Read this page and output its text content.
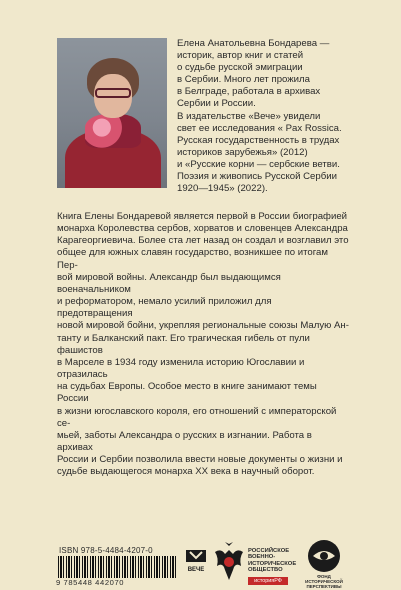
Елена Анатольевна Бондарева —
историк, автор книг и статей
о судьбе русской эмиграции
в Сербии. Много лет прожила
в Белграде, работала в архивах
Сербии и России.
В издательстве «Вече» увидели
свет ее исследования « Pax Rossica.
Русская государственность в трудах
историков зарубежья» (2012)
и «Русские корни — сербские ветви.
Поэзия и живопись Русской Сербии
1920—1945» (2022).
Книга Елены Бондаревой является первой в России биографией
монарха Королевства сербов, хорватов и словенцев Александра
Карагеоргиевича. Более ста лет назад он создал и возглавил это
общее для южных славян государство, возникшее по итогам Пер-
вой мировой войны. Александр был выдающимся военачальником
и реформатором, немало усилий приложил для предотвращения
новой мировой бойни, укрепляя региональные союзы Малую Ан-
танту и Балканский пакт. Его трагическая гибель от пули фашистов
в Марселе в 1934 году изменила историю Югославии и отразилась
на судьбах Европы. Особое место в книге занимают темы России
в жизни югославского короля, его отношений с императорской се-
мьей, заботы Александра о русских в изгнании. Работа в архивах
России и Сербии позволила ввести новые документы о жизни и
судьбе выдающегося монарха XX века в научный оборот.
ISBN 978-5-4484-4207-0
9 785448 442070
ВЕЧЕ
РОССИЙСКОЕ
ВОЕННО-
ИСТОРИЧЕСКОЕ
ОБЩЕСТВО
историяРФ
ФОНД
ИСТОРИЧЕСКОЙ
ПЕРСПЕКТИВЫ
